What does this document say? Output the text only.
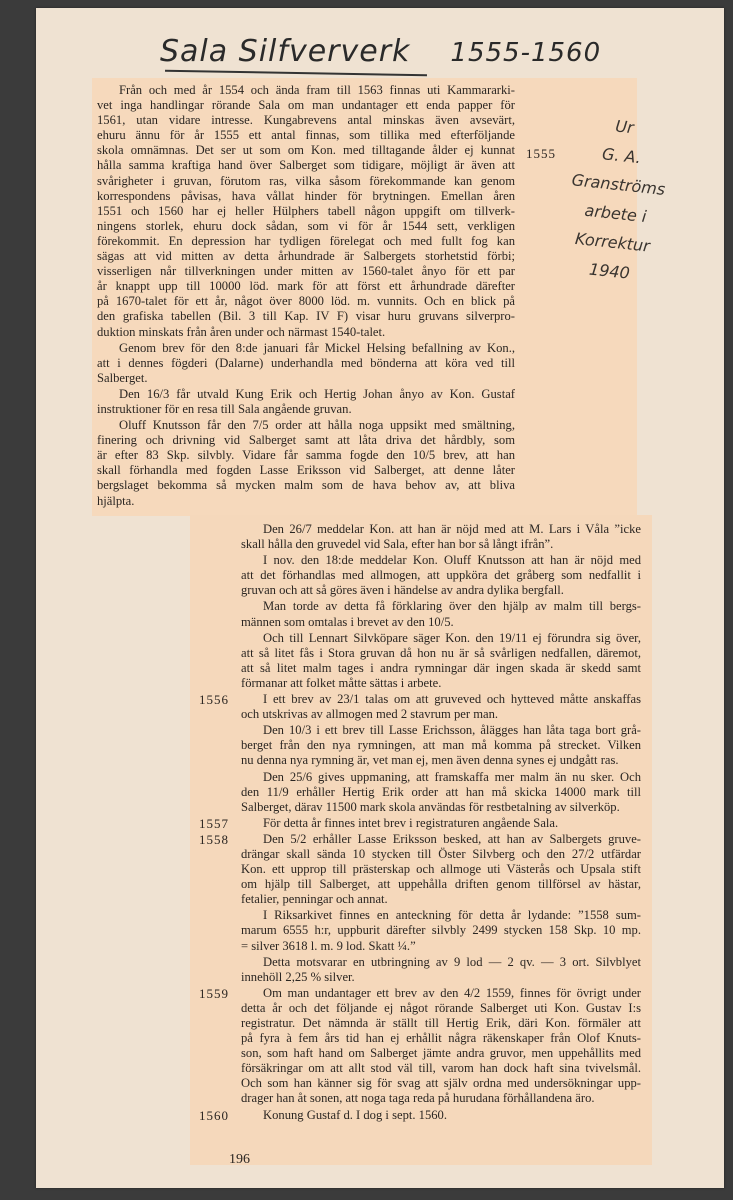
Sala Silfververk 1555-1560
Från och med år 1554 och ända fram till 1563 finnas uti Kammararki-
vet inga handlingar rörande Sala om man undantager ett enda papper för
1561, utan vidare intresse. Kungabrevens antal minskas även avsevärt,
ehuru ännu för år 1555 ett antal finnas, som tillika med efterföljande
skola omnämnas. Det ser ut som om Kon. med tilltagande ålder ej kunnat
hålla samma kraftiga hand över Salberget som tidigare, möjligt är även att
svårigheter i gruvan, förutom ras, vilka såsom förekommande kan genom
korrespondens påvisas, hava vållat hinder för brytningen. Emellan åren
1551 och 1560 har ej heller Hülphers tabell någon uppgift om tillverk-
ningens storlek, ehuru dock sådan, som vi för år 1544 sett, verkligen
förekommit. En depression har tydligen förelegat och med fullt fog kan
sägas att vid mitten av detta århundrade är Salbergets storhetstid förbi;
visserligen når tillverkningen under mitten av 1560-talet ånyo för ett par
år knappt upp till 10000 löd. mark för att först ett århundrade därefter
på 1670-talet för ett år, något över 8000 löd. m. vunnits. Och en blick på
den grafiska tabellen (Bil. 3 till Kap. IV F) visar huru gruvans silverpro-
duktion minskats från åren under och närmast 1540-talet.
Genom brev för den 8:de januari får Mickel Helsing befallning av Kon.,
att i dennes fögderi (Dalarne) underhandla med bönderna att köra ved till
Salberget.
Den 16/3 får utvald Kung Erik och Hertig Johan ånyo av Kon. Gustaf
instruktioner för en resa till Sala angående gruvan.
Oluff Knutsson får den 7/5 order att hålla noga uppsikt med smältning,
finering och drivning vid Salberget samt att låta driva det hårdbly, som
är efter 83 Skp. silvbly. Vidare får samma fogde den 10/5 brev, att han
skall förhandla med fogden Lasse Eriksson vid Salberget, att denne låter
bergslaget bekomma så mycken malm som de hava behov av, att bliva
hjälpta.
1555
Ur
G. A.
Granströms
arbete i
Korrektur
1940
Den 26/7 meddelar Kon. att han är nöjd med att M. Lars i Våla ”icke
skall hålla den gruvedel vid Sala, efter han bor så långt ifrån”.
I nov. den 18:de meddelar Kon. Oluff Knutsson att han är nöjd med
att det förhandlas med allmogen, att uppköra det gråberg som nedfallit i
gruvan och att så göres även i händelse av andra dylika bergfall.
Man torde av detta få förklaring över den hjälp av malm till bergs-
männen som omtalas i brevet av den 10/5.
Och till Lennart Silvköpare säger Kon. den 19/11 ej förundra sig över,
att så litet fås i Stora gruvan då hon nu är så svårligen nedfallen, däremot,
att så litet malm tages i andra rymningar där ingen skada är skedd samt
förmanar att folket måtte sättas i arbete.
1556	I ett brev av 23/1 talas om att gruveved och hytteved måtte anskaffas
och utskrivas av allmogen med 2 stavrum per man.
Den 10/3 i ett brev till Lasse Erichsson, åläggеs han låta taga bort grå-
berget från den nya rymningen, att man må komma på strecket. Vilken
nu denna nya rymning är, vet man ej, men även denna synes ej undgått ras.
Den 25/6 gives uppmaning, att framskaffa mer malm än nu sker. Och
den 11/9 erhåller Hertig Erik order att han må skicka 14000 mark till
Salberget, därav 11500 mark skola användas för restbetalning av silverköp.
1557	För detta år finnes intet brev i registraturen angående Sala.
1558	Den 5/2 erhåller Lasse Eriksson besked, att han av Salbergets gruve-
drängar skall sända 10 stycken till Öster Silvberg och den 27/2 utfärdar
Kon. ett upprop till prästerskap och allmoge uti Västerås och Upsala stift
om hjälp till Salberget, att uppehålla driften genom tillförsel av hästar,
fetalier, penningar och annat.
I Riksarkivet finnes en anteckning för detta år lydande: ”1558 sum-
marum 6555 h:r, uppburit därefter silvbly 2499 stycken 158 Skp. 10 mp.
= silver 3618 l. m. 9 lod. Skatt ¼.”
Detta motsvarar en utbringning av 9 lod — 2 qv. — 3 ort. Silvblyet
innehöll 2,25 % silver.
1559	Om man undantager ett brev av den 4/2 1559, finnes för övrigt under
detta år och det följande ej något rörande Salberget uti Kon. Gustav I:s
registratur. Det nämnda är ställt till Hertig Erik, däri Kon. förmäler att
på fyra à fem års tid han ej erhållit några räkenskaper från Olof Knuts-
son, som haft hand om Salberget jämte andra gruvor, men uppehållits med
försäkringar om att allt stod väl till, varom han dock haft sina tvivelsmål.
Och som han känner sig för svag att själv ordna med undersökningar upp-
drager han åt sonen, att noga taga reda på hurudana förhållandena äro.
1560	Konung Gustaf d. I dog i sept. 1560.
196
